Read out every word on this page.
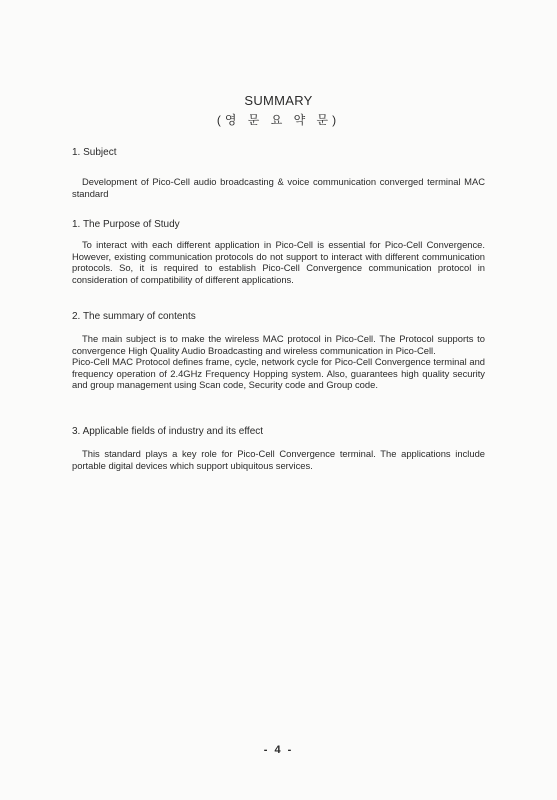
SUMMARY
(영 문 요 약 문)
1. Subject

Development of Pico-Cell audio broadcasting & voice communication converged terminal MAC standard

1. The Purpose of Study

To interact with each different application in Pico-Cell is essential for Pico-Cell Convergence. However, existing communication protocols do not support to interact with different communication protocols. So, it is required to establish Pico-Cell Convergence communication protocol in consideration of compatibility of different applications.

2. The summary of contents

The main subject is to make the wireless MAC protocol in Pico-Cell. The Protocol supports to convergence High Quality Audio Broadcasting and wireless communication in Pico-Cell.

Pico-Cell MAC Protocol defines frame, cycle, network cycle for Pico-Cell Convergence terminal and frequency operation of 2.4GHz Frequency Hopping system. Also, guarantees high quality security and group management using Scan code, Security code and Group code.

3. Applicable fields of industry and its effect

This standard plays a key role for Pico-Cell Convergence terminal. The applications include portable digital devices which support ubiquitous services.

- 4 -
